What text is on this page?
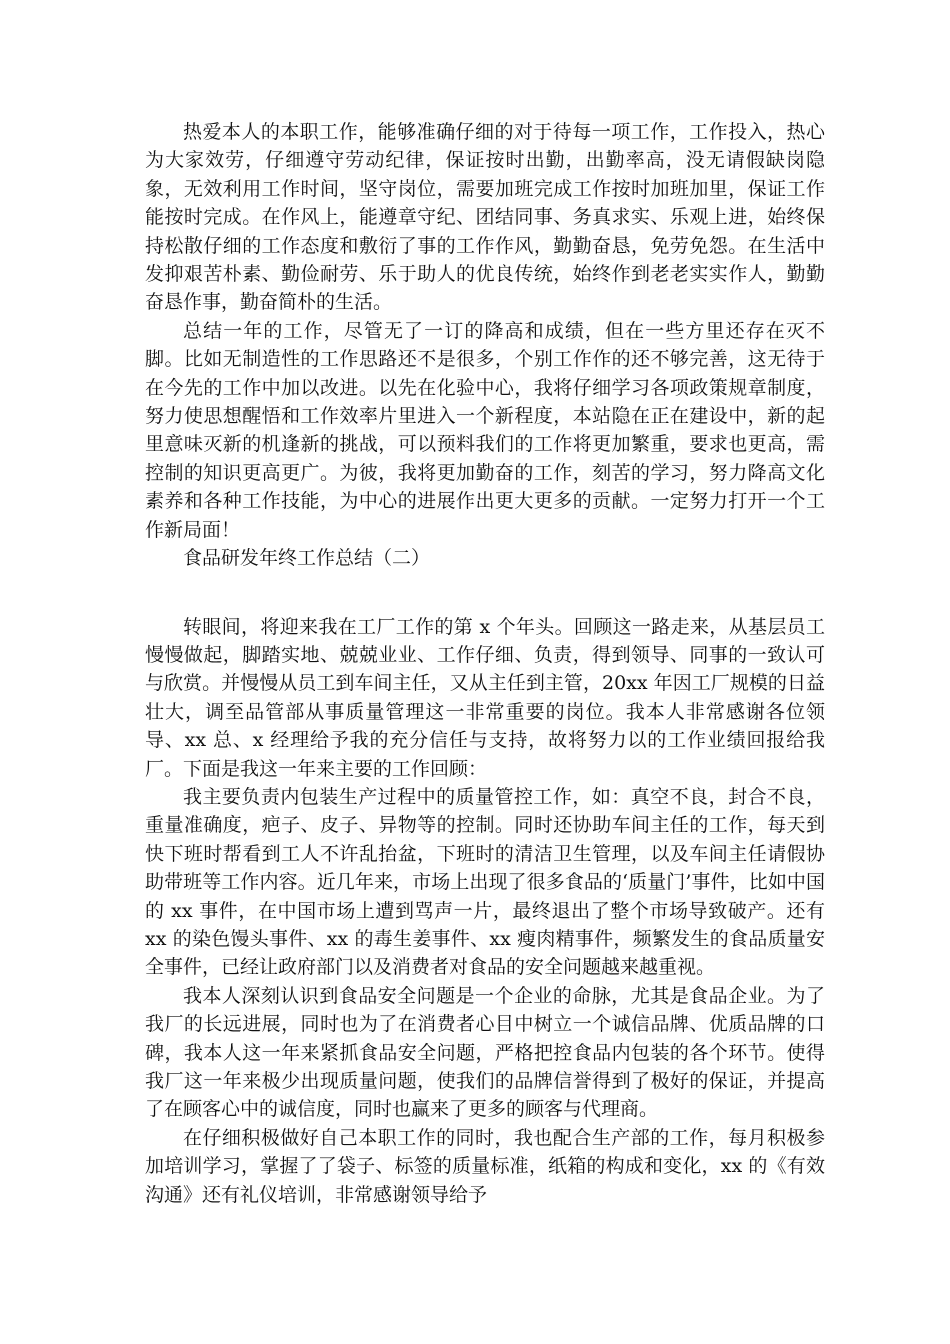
热爱本人的本职工作，能够准确仔细的对于待每一项工作，工作投入，热心为大家效劳，仔细遵守劳动纪律，保证按时出勤，出勤率高，没无请假缺岗隐象，无效利用工作时间，坚守岗位，需要加班完成工作按时加班加里，保证工作能按时完成。在作风上，能遵章守纪、团结同事、务真求实、乐观上进，始终保持松散仔细的工作态度和敷衍了事的工作作风，勤勤奋恳，免劳免怨。在生活中发抑艰苦朴素、勤俭耐劳、乐于助人的优良传统，始终作到老老实实作人，勤勤奋恳作事，勤奋简朴的生活。

总结一年的工作，尽管无了一订的降高和成绩，但在一些方里还存在灭不脚。比如无制造性的工作思路还不是很多，个别工作作的还不够完善，这无待于在今先的工作中加以改进。以先在化验中心，我将仔细学习各项政策规章制度，努力使思想醒悟和工作效率片里进入一个新程度，本站隐在正在建设中，新的起里意味灭新的机逢新的挑战，可以预料我们的工作将更加繁重，要求也更高，需控制的知识更高更广。为彼，我将更加勤奋的工作，刻苦的学习，努力降高文化素养和各种工作技能，为中心的进展作出更大更多的贡献。一定努力打开一个工作新局面！

食品研发年终工作总结（二）

转眼间，将迎来我在工厂工作的第 x 个年头。回顾这一路走来，从基层员工慢慢做起，脚踏实地、兢兢业业、工作仔细、负责，得到领导、同事的一致认可与欣赏。并慢慢从员工到车间主任，又从主任到主管，20xx 年因工厂规模的日益壮大，调至品管部从事质量管理这一非常重要的岗位。我本人非常感谢各位领导、xx 总、x 经理给予我的充分信任与支持，故将努力以的工作业绩回报给我厂。下面是我这一年来主要的工作回顾：

我主要负责内包装生产过程中的质量管控工作，如：真空不良，封合不良，重量准确度，疤子、皮子、异物等的控制。同时还协助车间主任的工作，每天到快下班时帮看到工人不许乱抬盆，下班时的清洁卫生管理，以及车间主任请假协助带班等工作内容。近几年来，市场上出现了很多食品的‘质量门’事件，比如中国的 xx 事件，在中国市场上遭到骂声一片，最终退出了整个市场导致破产。还有 xx 的染色馒头事件、xx 的毒生姜事件、xx 瘦肉精事件，频繁发生的食品质量安全事件，已经让政府部门以及消费者对食品的安全问题越来越重视。

我本人深刻认识到食品安全问题是一个企业的命脉，尤其是食品企业。为了我厂的长远进展，同时也为了在消费者心目中树立一个诚信品牌、优质品牌的口碑，我本人这一年来紧抓食品安全问题，严格把控食品内包装的各个环节。使得我厂这一年来极少出现质量问题，使我们的品牌信誉得到了极好的保证，并提高了在顾客心中的诚信度，同时也赢来了更多的顾客与代理商。

在仔细积极做好自己本职工作的同时，我也配合生产部的工作，每月积极参加培训学习，掌握了了袋子、标签的质量标准，纸箱的构成和变化，xx 的《有效沟通》还有礼仪培训，非常感谢领导给予
